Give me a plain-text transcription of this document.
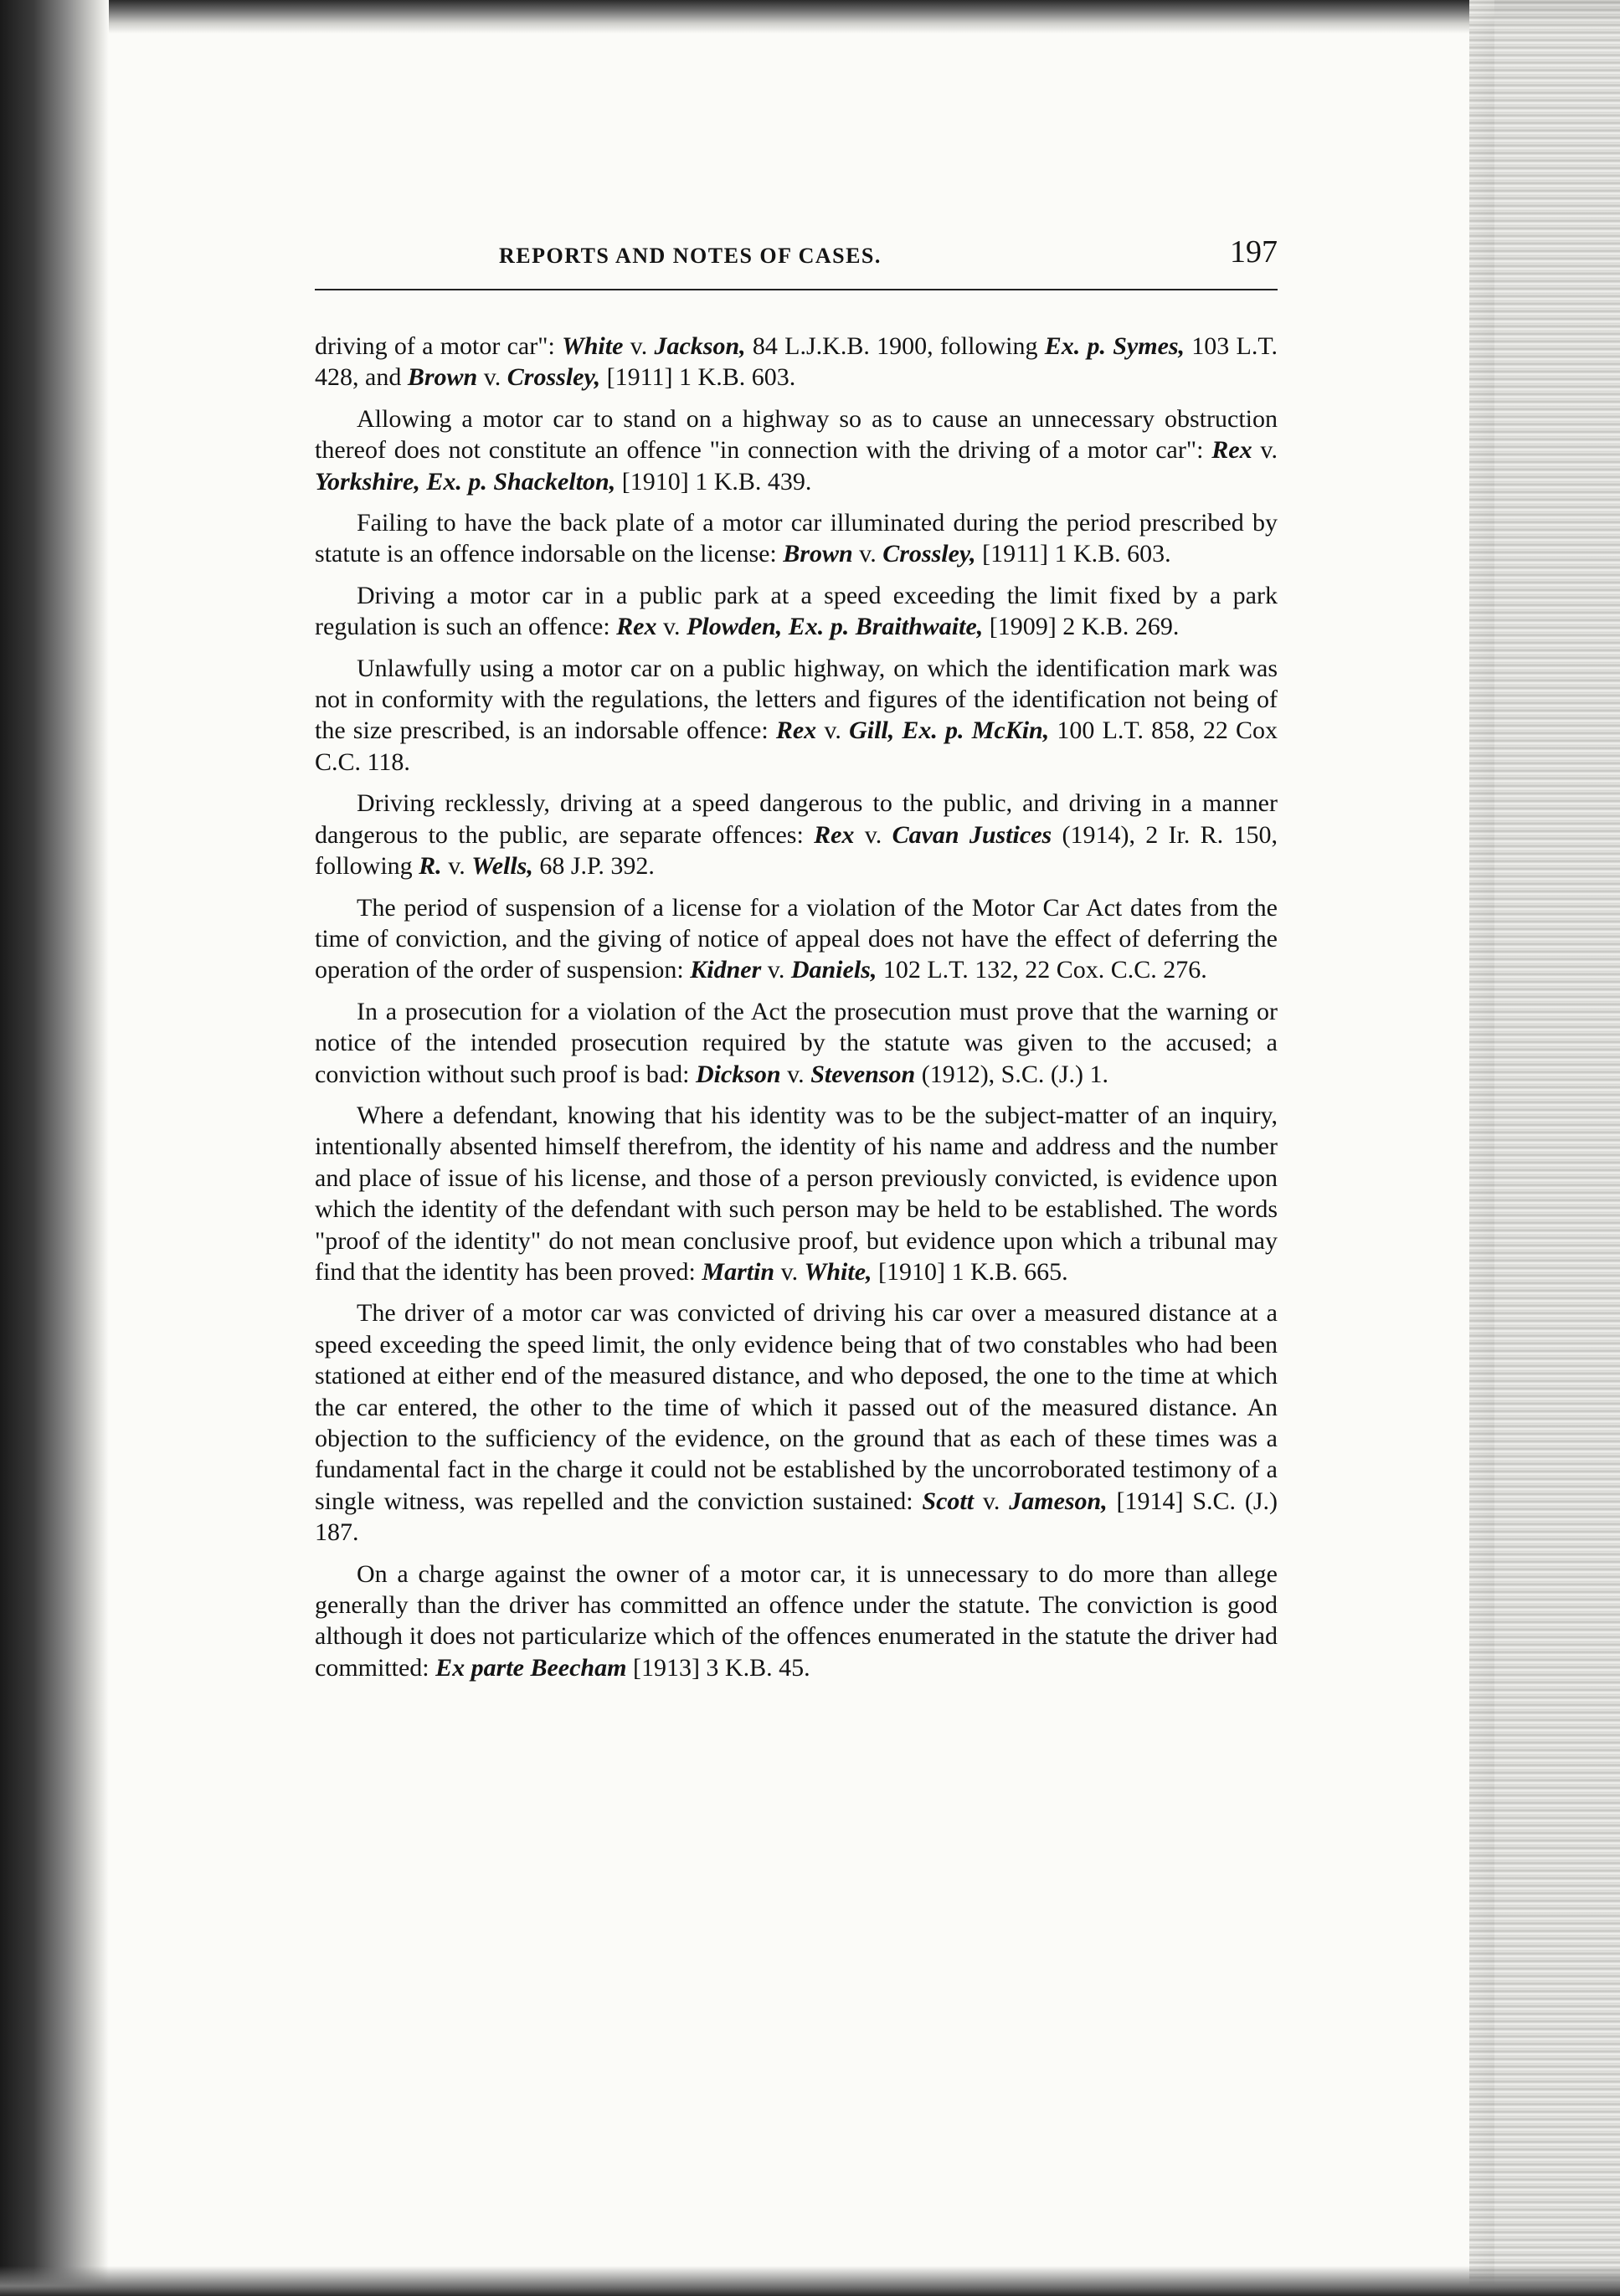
REPORTS AND NOTES OF CASES.	197

driving of a motor car": White v. Jackson, 84 L.J.K.B. 1900, following Ex. p. Symes, 103 L.T. 428, and Brown v. Crossley, [1911] 1 K.B. 603.

Allowing a motor car to stand on a highway so as to cause an unnecessary obstruction thereof does not constitute an offence "in connection with the driving of a motor car": Rex v. Yorkshire, Ex. p. Shackelton, [1910] 1 K.B. 439.

Failing to have the back plate of a motor car illuminated during the period prescribed by statute is an offence indorsable on the license: Brown v. Crossley, [1911] 1 K.B. 603.

Driving a motor car in a public park at a speed exceeding the limit fixed by a park regulation is such an offence: Rex v. Plowden, Ex. p. Braithwaite, [1909] 2 K.B. 269.

Unlawfully using a motor car on a public highway, on which the identification mark was not in conformity with the regulations, the letters and figures of the identification not being of the size prescribed, is an indorsable offence: Rex v. Gill, Ex. p. McKin, 100 L.T. 858, 22 Cox C.C. 118.

Driving recklessly, driving at a speed dangerous to the public, and driving in a manner dangerous to the public, are separate offences: Rex v. Cavan Justices (1914), 2 Ir. R. 150, following R. v. Wells, 68 J.P. 392.

The period of suspension of a license for a violation of the Motor Car Act dates from the time of conviction, and the giving of notice of appeal does not have the effect of deferring the operation of the order of suspension: Kidner v. Daniels, 102 L.T. 132, 22 Cox. C.C. 276.

In a prosecution for a violation of the Act the prosecution must prove that the warning or notice of the intended prosecution required by the statute was given to the accused; a conviction without such proof is bad: Dickson v. Stevenson (1912), S.C. (J.) 1.

Where a defendant, knowing that his identity was to be the subject-matter of an inquiry, intentionally absented himself therefrom, the identity of his name and address and the number and place of issue of his license, and those of a person previously convicted, is evidence upon which the identity of the defendant with such person may be held to be established. The words "proof of the identity" do not mean conclusive proof, but evidence upon which a tribunal may find that the identity has been proved: Martin v. White, [1910] 1 K.B. 665.

The driver of a motor car was convicted of driving his car over a measured distance at a speed exceeding the speed limit, the only evidence being that of two constables who had been stationed at either end of the measured distance, and who deposed, the one to the time at which the car entered, the other to the time of which it passed out of the measured distance. An objection to the sufficiency of the evidence, on the ground that as each of these times was a fundamental fact in the charge it could not be established by the uncorroborated testimony of a single witness, was repelled and the conviction sustained: Scott v. Jameson, [1914] S.C. (J.) 187.

On a charge against the owner of a motor car, it is unnecessary to do more than allege generally than the driver has committed an offence under the statute. The conviction is good although it does not particularize which of the offences enumerated in the statute the driver had committed: Ex parte Beecham [1913] 3 K.B. 45.
